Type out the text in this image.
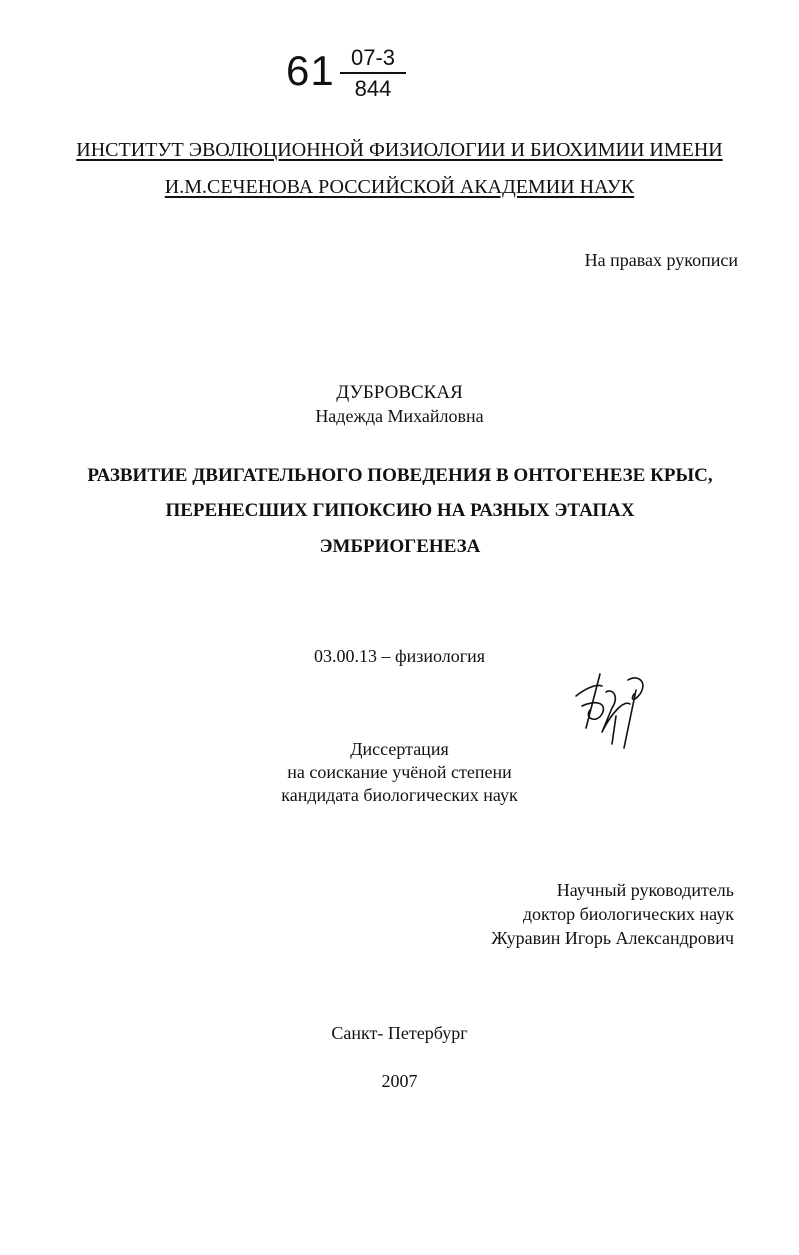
61 07-3
844
ИНСТИТУТ ЭВОЛЮЦИОННОЙ ФИЗИОЛОГИИ И БИОХИМИИ ИМЕНИ
И.М.СЕЧЕНОВА РОССИЙСКОЙ АКАДЕМИИ НАУК
На правах рукописи
ДУБРОВСКАЯ
Надежда Михайловна
РАЗВИТИЕ ДВИГАТЕЛЬНОГО ПОВЕДЕНИЯ В ОНТОГЕНЕЗЕ КРЫС,
ПЕРЕНЕСШИХ ГИПОКСИЮ НА РАЗНЫХ ЭТАПАХ
ЭМБРИОГЕНЕЗА
03.00.13 – физиология
Диссертация
на соискание учёной степени
кандидата биологических наук
Научный руководитель
доктор биологических наук
Журавин Игорь Александрович
Санкт- Петербург
2007
